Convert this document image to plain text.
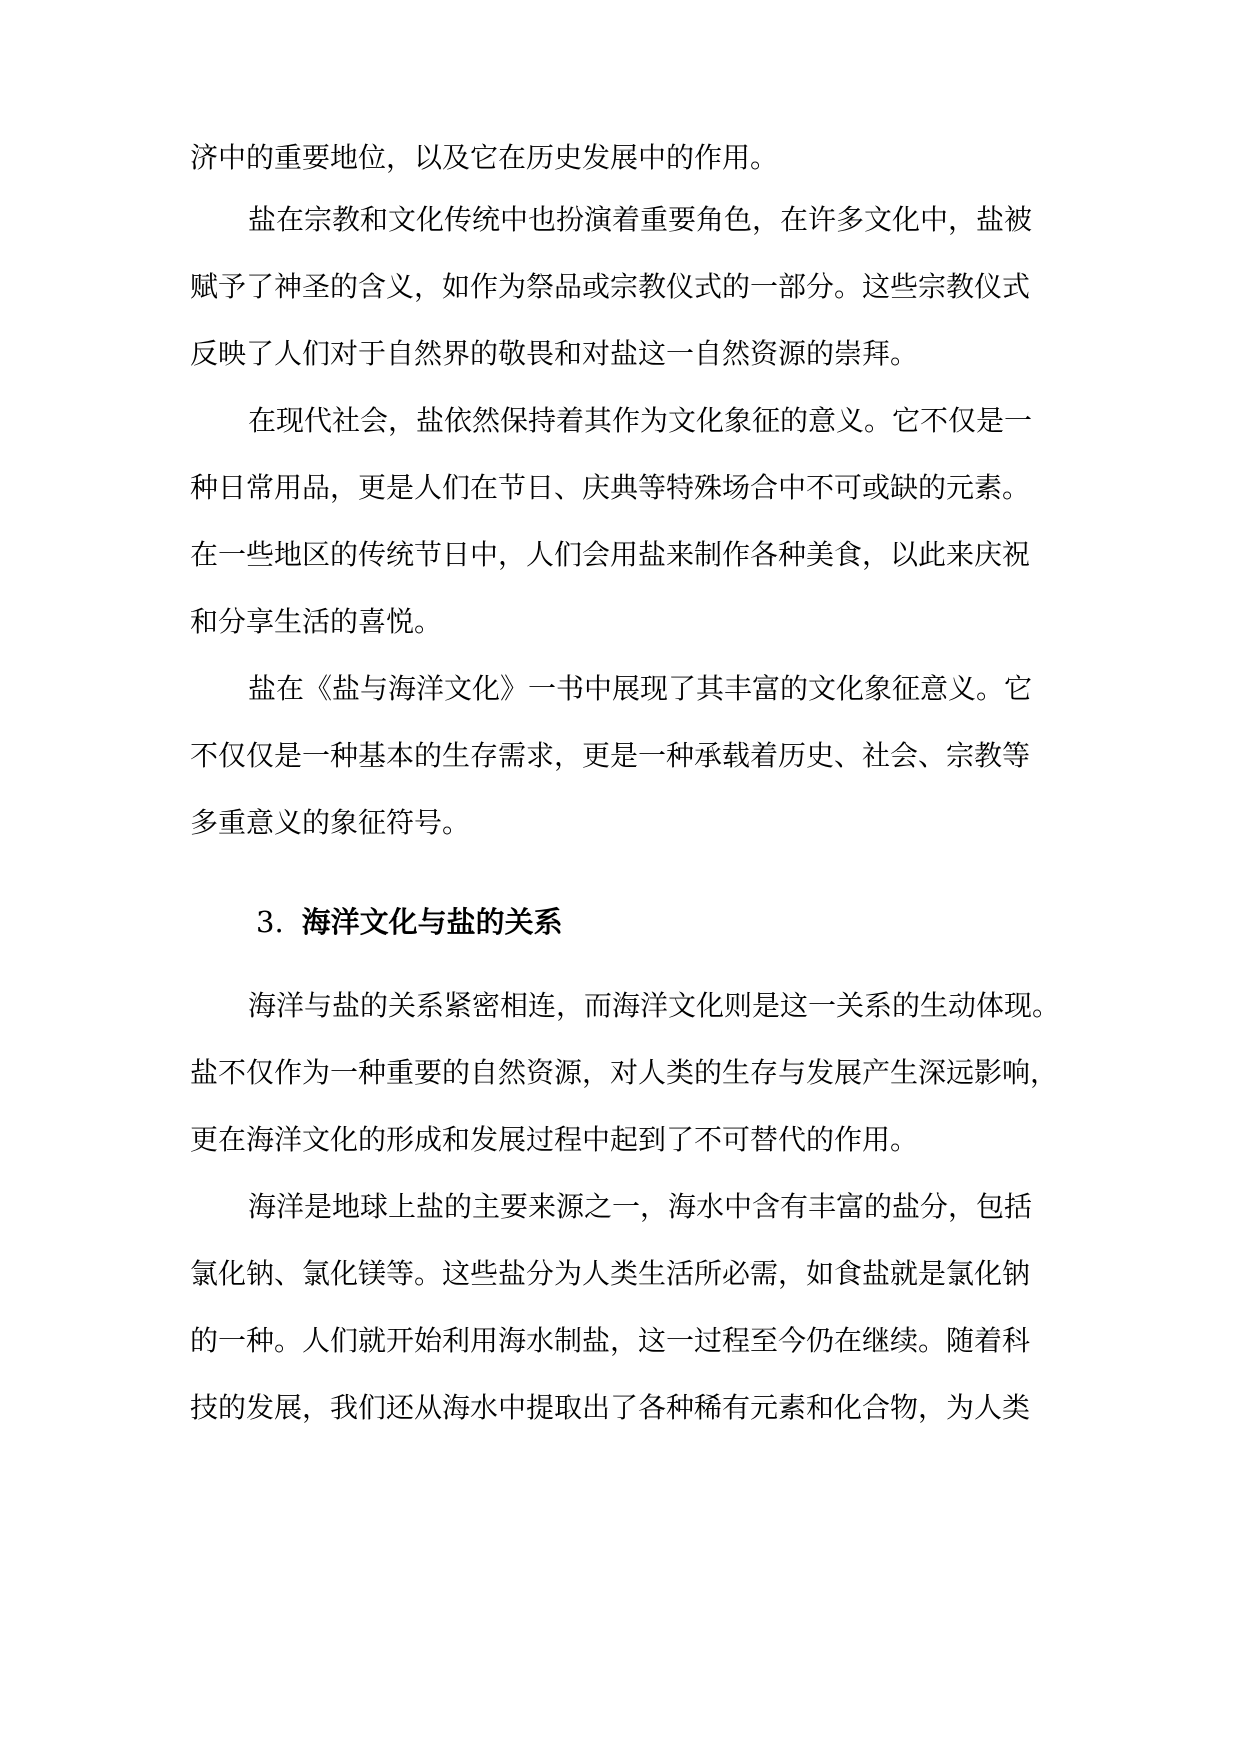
济中的重要地位，以及它在历史发展中的作用。
盐在宗教和文化传统中也扮演着重要角色，在许多文化中，盐被
赋予了神圣的含义，如作为祭品或宗教仪式的一部分。这些宗教仪式
反映了人们对于自然界的敬畏和对盐这一自然资源的崇拜。
在现代社会，盐依然保持着其作为文化象征的意义。它不仅是一
种日常用品，更是人们在节日、庆典等特殊场合中不可或缺的元素。
在一些地区的传统节日中，人们会用盐来制作各种美食，以此来庆祝
和分享生活的喜悦。
盐在《盐与海洋文化》一书中展现了其丰富的文化象征意义。它
不仅仅是一种基本的生存需求，更是一种承载着历史、社会、宗教等
多重意义的象征符号。
3. 海洋文化与盐的关系
海洋与盐的关系紧密相连，而海洋文化则是这一关系的生动体现。
盐不仅作为一种重要的自然资源，对人类的生存与发展产生深远影响，
更在海洋文化的形成和发展过程中起到了不可替代的作用。
海洋是地球上盐的主要来源之一，海水中含有丰富的盐分，包括
氯化钠、氯化镁等。这些盐分为人类生活所必需，如食盐就是氯化钠
的一种。人们就开始利用海水制盐，这一过程至今仍在继续。随着科
技的发展，我们还从海水中提取出了各种稀有元素和化合物，为人类
